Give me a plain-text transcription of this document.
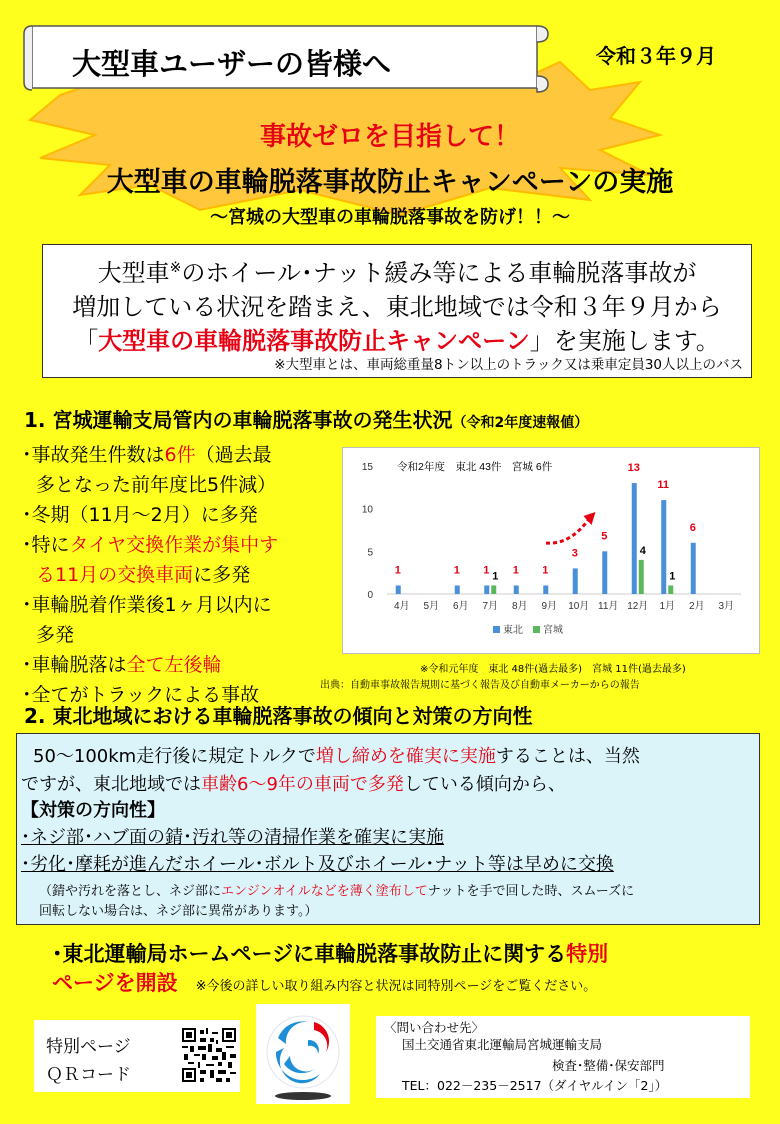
大型車ユーザーの皆様へ	令和３年９月
事故ゼロを目指して！
大型車の車輪脱落事故防止キャンペーンの実施
～宮城の大型車の車輪脱落事故を防げ！！～
大型車※のホイール･ナット緩み等による車輪脱落事故が
増加している状況を踏まえ、東北地域では令和３年９月から
「大型車の車輪脱落事故防止キャンペーン」を実施します。
※大型車とは、車両総重量8トン以上のトラック又は乗車定員30人以上のバス
1. 宮城運輸支局管内の車輪脱落事故の発生状況（令和2年度速報値）
･事故発生件数は6件（過去最
多となった前年度比5件減）
･冬期（11月～2月）に多発
･特にタイヤ交換作業が集中す
る11月の交換車両に多発
･車輪脱着作業後1ヶ月以内に
多発
･車輪脱落は全て左後輪
･全てがトラックによる事故
0
5
10
15 令和2年度　東北 43件　宮城 6件
4月
1
5月 6月
1
7月
1 1
8月
1
9月
1
10月
3
11月
5
12月
13
4
1月
11
1
2月
6
3月
東北 宮城
※令和元年度　東北 48件(過去最多)　宮城 11件(過去最多)
出典：自動車事故報告規則に基づく報告及び自動車メーカーからの報告
2. 東北地域における車輪脱落事故の傾向と対策の方向性
50～100km走行後に規定トルクで増し締めを確実に実施することは、当然
ですが、東北地域では車齢6～9年の車両で多発している傾向から、
【対策の方向性】
･ネジ部･ハブ面の錆･汚れ等の清掃作業を確実に実施
･劣化･摩耗が進んだホイール･ボルト及びホイール･ナット等は早めに交換
（錆や汚れを落とし、ネジ部にエンジンオイルなどを薄く塗布してナットを手で回した時、スムーズに
回転しない場合は、ネジ部に異常があります。）
･東北運輸局ホームページに車輪脱落事故防止に関する特別
ページを開設 ※今後の詳しい取り組み内容と状況は同特別ページをご覧ください。
特別ページ
ＱＲコード
〈問い合わせ先〉
国土交通省東北運輸局宮城運輸支局
検査･整備･保安部門
TEL：022－235－2517（ダイヤルイン「2」）
